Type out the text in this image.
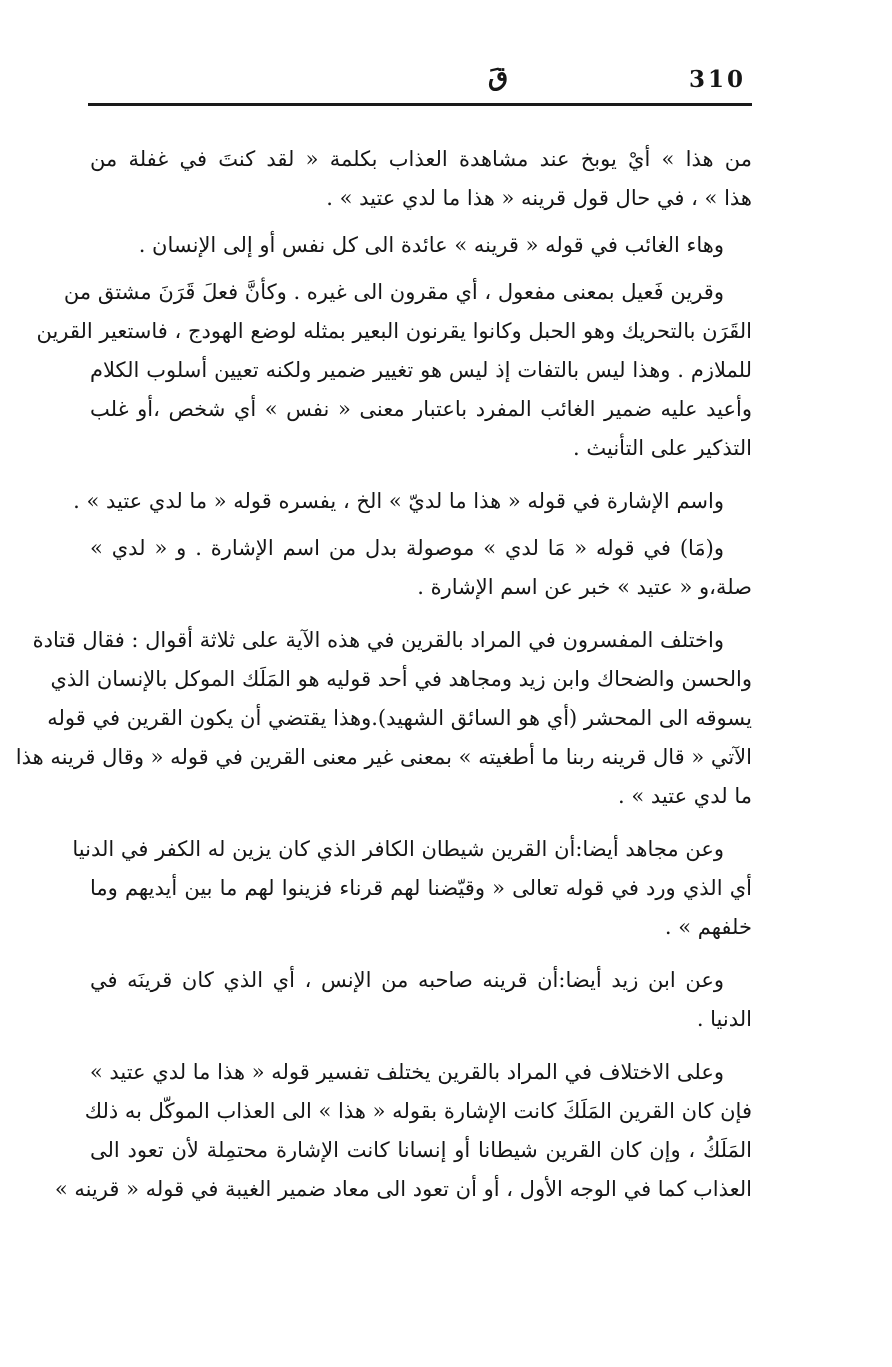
قَ	310
من هذا » أيْ يوبخ عند مشاهدة العذاب بكلمة « لقد كنتَ في غفلة من
هذا » ، في حال قول قرينه « هذا ما لدي عتيد » .
وهاء الغائب في قوله « قرينه » عائدة الى كل نفس أو إلى الإنسان .
وقرين فَعيل بمعنى مفعول ، أي مقرون الى غيره . وكأنَّ فعلَ قَرَنَ مشتق من
القَرَن بالتحريك وهو الحبل وكانوا يقرنون البعير بمثله لوضع الهودج ، فاستعير القرين
للملازم . وهذا ليس بالتفات إذ ليس هو تغيير ضمير ولكنه تعيين أسلوب الكلام
وأعيد عليه ضمير الغائب المفرد باعتبار معنى « نفس » أي شخص ،أو غلب
التذكير على التأنيث .
واسم الإشارة في قوله « هذا ما لديّ » الخ ، يفسره قوله « ما لدي عتيد » .
و(مَا) في قوله « مَا لدي » موصولة بدل من اسم الإشارة . و « لدي »
صلة،و « عتيد » خبر عن اسم الإشارة .
واختلف المفسرون في المراد بالقرين في هذه الآية على ثلاثة أقوال : فقال قتادة
والحسن والضحاك وابن زيد ومجاهد في أحد قوليه هو المَلَك الموكل بالإنسان الذي
يسوقه الى المحشر (أي هو السائق الشهيد).وهذا يقتضي أن يكون القرين في قوله
الآتي « قال قرينه ربنا ما أطغيته » بمعنى غير معنى القرين في قوله « وقال قرينه هذا
ما لدي عتيد » .
وعن مجاهد أيضا:أن القرين شيطان الكافر الذي كان يزين له الكفر في الدنيا
أي الذي ورد في قوله تعالى « وقيّضنا لهم قرناء فزينوا لهم ما بين أيديهم وما
خلفهم » .
وعن ابن زيد أيضا:أن قرينه صاحبه من الإنس ، أي الذي كان قرينَه في
الدنيا .
وعلى الاختلاف في المراد بالقرين يختلف تفسير قوله « هذا ما لدي عتيد »
فإن كان القرين المَلَكَ كانت الإشارة بقوله « هذا » الى العذاب الموكّل به ذلك
المَلَكُ ، وإن كان القرين شيطانا أو إنسانا كانت الإشارة محتمِلة لأن تعود الى
العذاب كما في الوجه الأول ، أو أن تعود الى معاد ضمير الغيبة في قوله « قرينه »
